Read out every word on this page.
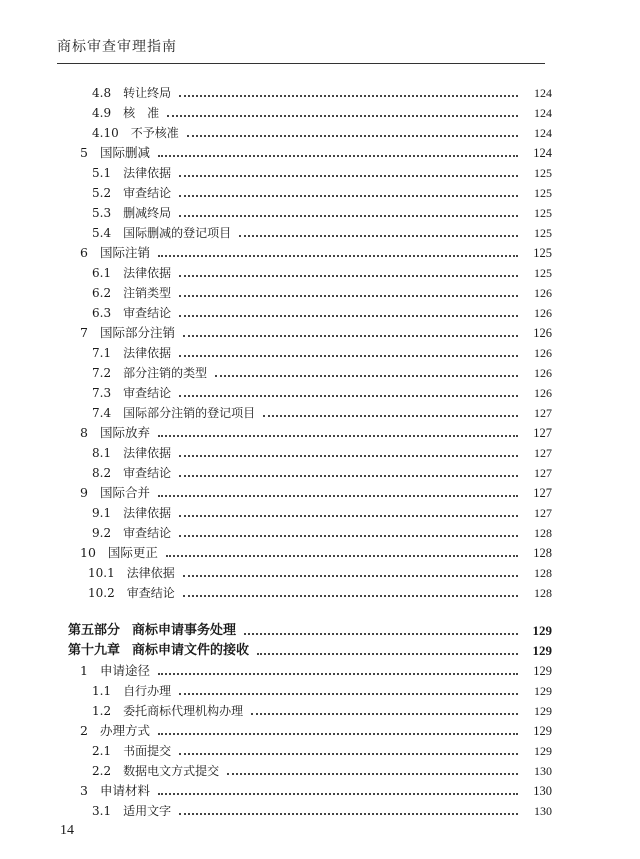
商标审查审理指南
4.8 转让终局	124
4.9 核　准	124
4.10 不予核准	124
5 国际删减	124
5.1 法律依据	125
5.2 审查结论	125
5.3 删减终局	125
5.4 国际删减的登记项目	125
6 国际注销	125
6.1 法律依据	125
6.2 注销类型	126
6.3 审查结论	126
7 国际部分注销	126
7.1 法律依据	126
7.2 部分注销的类型	126
7.3 审查结论	126
7.4 国际部分注销的登记项目	127
8 国际放弃	127
8.1 法律依据	127
8.2 审查结论	127
9 国际合并	127
9.1 法律依据	127
9.2 审查结论	128
10 国际更正	128
10.1 法律依据	128
10.2 审查结论	128
第五部分 商标申请事务处理	129
第十九章 商标申请文件的接收	129
1 申请途径	129
1.1 自行办理	129
1.2 委托商标代理机构办理	129
2 办理方式	129
2.1 书面提交	129
2.2 数据电文方式提交	130
3 申请材料	130
3.1 适用文字	130
14
